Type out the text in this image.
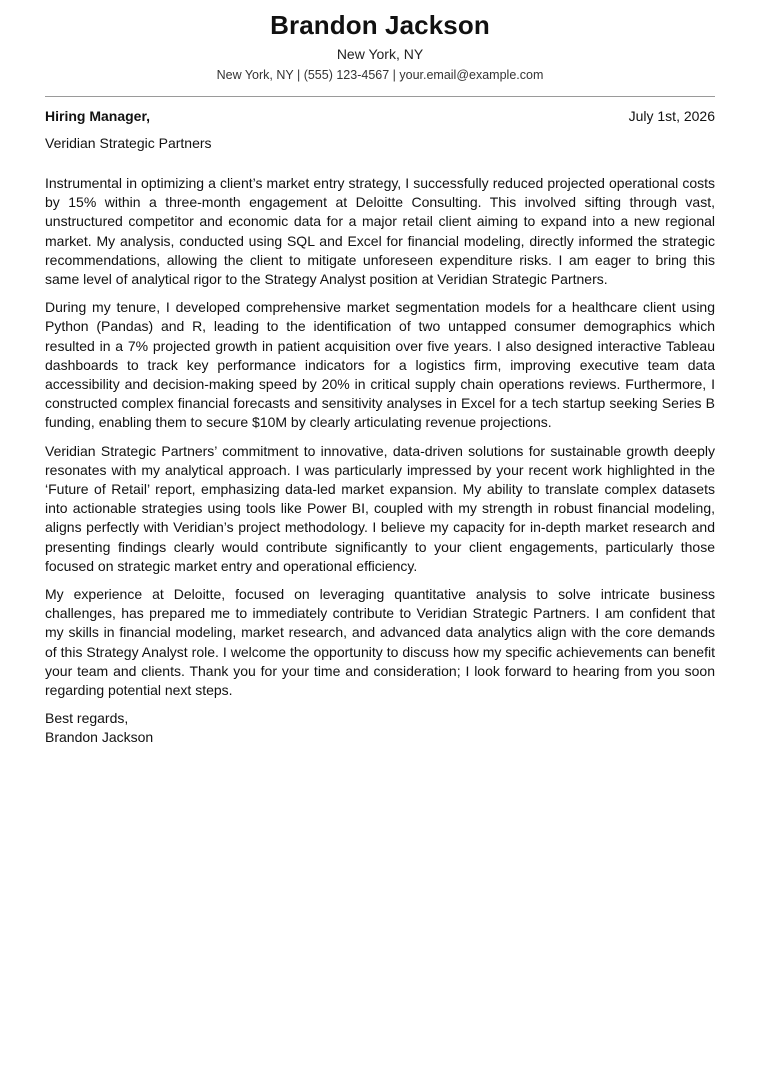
Brandon Jackson
New York, NY
New York, NY | (555) 123-4567 | your.email@example.com
Hiring Manager,	July 1st, 2026
Veridian Strategic Partners

Instrumental in optimizing a client’s market entry strategy, I successfully reduced projected operational costs by 15% within a three-month engagement at Deloitte Consulting. This involved sifting through vast, unstructured competitor and economic data for a major retail client aiming to expand into a new regional market. My analysis, conducted using SQL and Excel for financial modeling, directly informed the strategic recommendations, allowing the client to mitigate unforeseen expenditure risks. I am eager to bring this same level of analytical rigor to the Strategy Analyst position at Veridian Strategic Partners.

During my tenure, I developed comprehensive market segmentation models for a healthcare client using Python (Pandas) and R, leading to the identification of two untapped consumer demographics which resulted in a 7% projected growth in patient acquisition over five years. I also designed interactive Tableau dashboards to track key performance indicators for a logistics firm, improving executive team data accessibility and decision-making speed by 20% in critical supply chain operations reviews. Furthermore, I constructed complex financial forecasts and sensitivity analyses in Excel for a tech startup seeking Series B funding, enabling them to secure $10M by clearly articulating revenue projections.

Veridian Strategic Partners’ commitment to innovative, data-driven solutions for sustainable growth deeply resonates with my analytical approach. I was particularly impressed by your recent work highlighted in the ‘Future of Retail’ report, emphasizing data-led market expansion. My ability to translate complex datasets into actionable strategies using tools like Power BI, coupled with my strength in robust financial modeling, aligns perfectly with Veridian’s project methodology. I believe my capacity for in-depth market research and presenting findings clearly would contribute significantly to your client engagements, particularly those focused on strategic market entry and operational efficiency.

My experience at Deloitte, focused on leveraging quantitative analysis to solve intricate business challenges, has prepared me to immediately contribute to Veridian Strategic Partners. I am confident that my skills in financial modeling, market research, and advanced data analytics align with the core demands of this Strategy Analyst role. I welcome the opportunity to discuss how my specific achievements can benefit your team and clients. Thank you for your time and consideration; I look forward to hearing from you soon regarding potential next steps.

Best regards,
Brandon Jackson
